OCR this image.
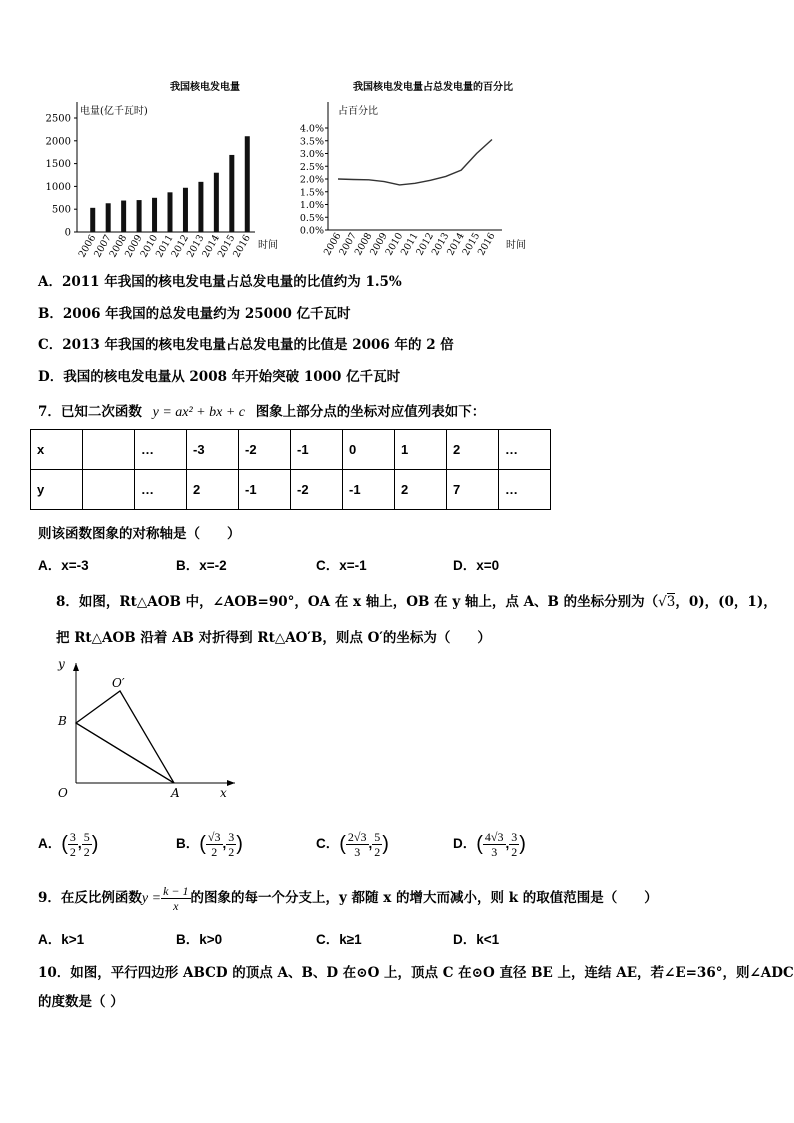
我国核电发电量
电量(亿千瓦时)
时间
0
500
1000
1500
2000
2500
2006
2007
2008
2009
2010
2011
2012
2013
2014
2015
2016
我国核电发电量占总发电量的百分比
占百分比
时间
0.0%
0.5%
1.0%
1.5%
2.0%
2.5%
3.0%
3.5%
4.0%
2006
2007
2008
2009
2010
2011
2012
2013
2014
2015
2016
A．2011 年我国的核电发电量占总发电量的比值约为 1.5%
B．2006 年我国的总发电量约为 25000 亿千瓦时
C．2013 年我国的核电发电量占总发电量的比值是 2006 年的 2 倍
D．我国的核电发电量从 2008 年开始突破 1000 亿千瓦时
7．已知二次函数 y = ax² + bx + c 图象上部分点的坐标对应值列表如下：
x		…	-3	-2	-1	0	1	2	…
y		…	2	-1	-2	-1	2	7	…
则该函数图象的对称轴是（　　）
A．x=-3	B．x=-2	C．x=-1	D．x=0
8．如图，Rt△AOB 中，∠AOB=90°，OA 在 x 轴上，OB 在 y 轴上，点 A、B 的坐标分别为（√3，0)，(0，1)，
把 Rt△AOB 沿着 AB 对折得到 Rt△AO′B，则点 O′的坐标为（　　）
y
x
O	A
B
O′
A．( $\frac{3}{2}$ , $\frac{5}{2}$ )	B．( $\frac{√3}{2}$ , $\frac{3}{2}$ )	C．( $\frac{2√3}{3}$ , $\frac{5}{2}$ )	D．( $\frac{4√3}{3}$ , $\frac{3}{2}$ )
9．在反比例函数$y = \frac{k - 1}{x}$ 的图象的每一个分支上，y 都随 x 的增大而减小，则 k 的取值范围是（　　）
A．k>1	B．k>0	C．k≥1	D．k<1
10．如图，平行四边形 ABCD 的顶点 A、B、D 在⊙O 上，顶点 C 在⊙O 直径 BE 上，连结 AE，若∠E=36°，则∠ADC
的度数是（ ）
